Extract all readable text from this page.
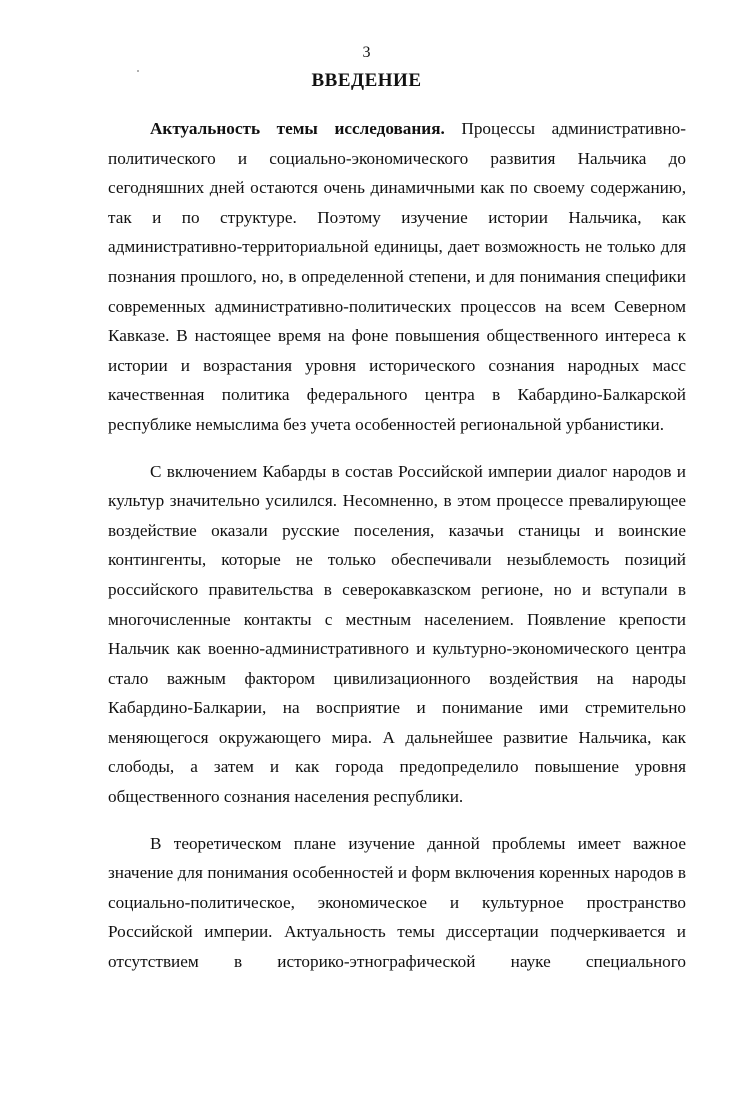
3
ВВЕДЕНИЕ

Актуальность темы исследования. Процессы административно-политического и социально-экономического развития Нальчика до сегодняшних дней остаются очень динамичными как по своему содержанию, так и по структуре. Поэтому изучение истории Нальчика, как административно-территориальной единицы, дает возможность не только для познания прошлого, но, в определенной степени, и для понимания специфики современных административно-политических процессов на всем Северном Кавказе. В настоящее время на фоне повышения общественного интереса к истории и возрастания уровня исторического сознания народных масс качественная политика федерального центра в Кабардино-Балкарской республике немыслима без учета особенностей региональной урбанистики.

С включением Кабарды в состав Российской империи диалог народов и культур значительно усилился. Несомненно, в этом процессе превалирующее воздействие оказали русские поселения, казачьи станицы и воинские контингенты, которые не только обеспечивали незыблемость позиций российского правительства в северокавказском регионе, но и вступали в многочисленные контакты с местным населением. Появление крепости Нальчик как военно-административного и культурно-экономического центра стало важным фактором цивилизационного воздействия на народы Кабардино-Балкарии, на восприятие и понимание ими стремительно меняющегося окружающего мира. А дальнейшее развитие Нальчика, как слободы, а затем и как города предопределило повышение уровня общественного сознания населения республики.

В теоретическом плане изучение данной проблемы имеет важное значение для понимания особенностей и форм включения коренных народов в социально-политическое, экономическое и культурное пространство Российской империи. Актуальность темы диссертации подчеркивается и отсутствием в историко-этнографической науке специального
